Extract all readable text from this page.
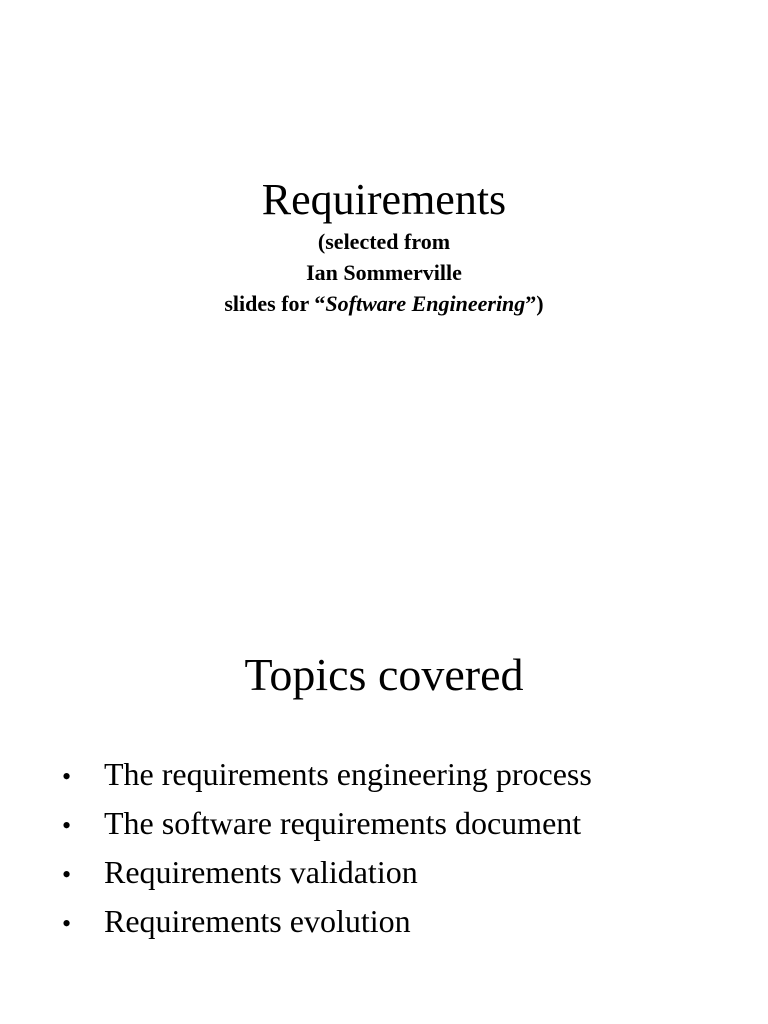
Requirements
(selected from
Ian Sommerville
slides for “Software Engineering”)
Topics covered
• The requirements engineering process
• The software requirements document
• Requirements validation
• Requirements evolution
